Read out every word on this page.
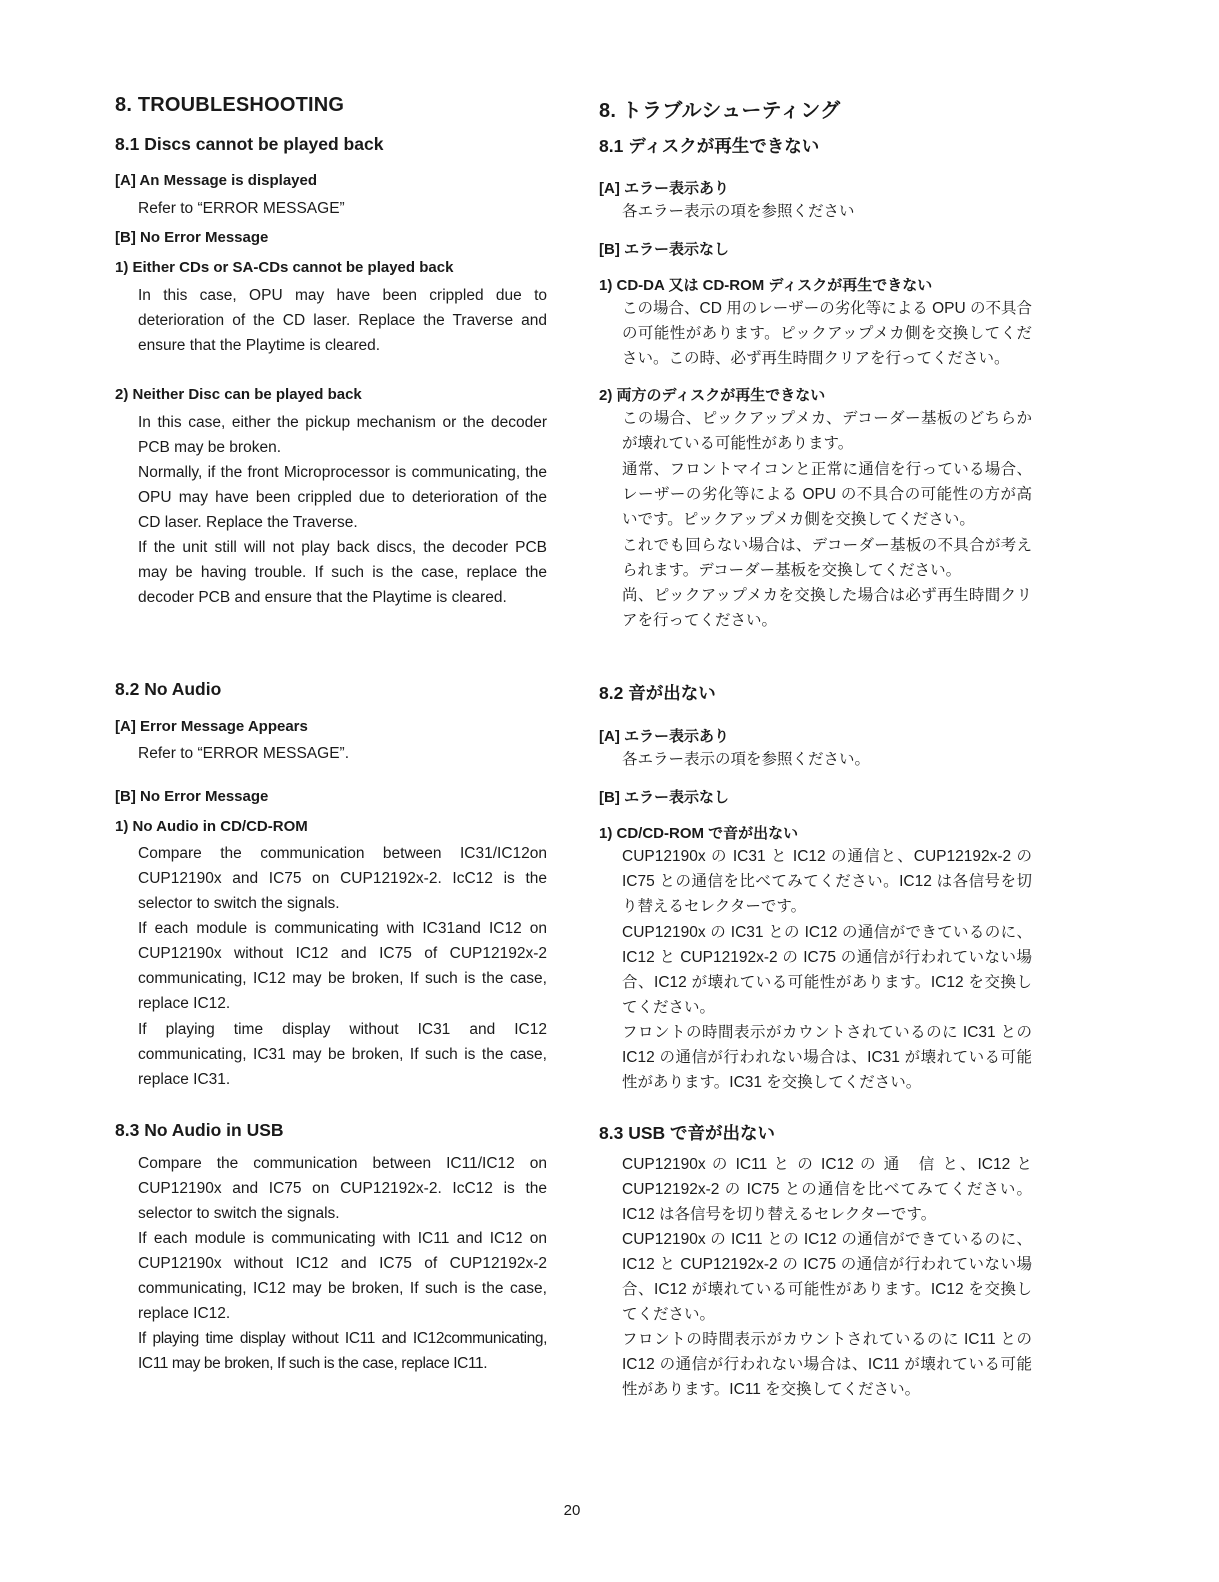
8. TROUBLESHOOTING
8.1 Discs cannot be played back
[A] An Message is displayed
Refer to “ERROR MESSAGE”
[B] No Error Message
1) Either CDs or SA-CDs cannot be played back
In this case, OPU may have been crippled due to deterioration of the CD laser. Replace the Traverse and ensure that the Playtime is cleared.
2) Neither Disc can be played back
In this case, either the pickup mechanism or the decoder PCB may be broken.
Normally, if the front Microprocessor is communicating, the OPU may have been crippled due to deterioration of the CD laser. Replace the Traverse.
If the unit still will not play back discs, the decoder PCB may be having trouble. If such is the case, replace the decoder PCB and ensure that the Playtime is cleared.
8.2 No Audio
[A] Error Message Appears
Refer to “ERROR MESSAGE”.
[B] No Error Message
1) No Audio in CD/CD-ROM
Compare the communication between IC31/IC12on CUP12190x and IC75 on CUP12192x-2. IcC12 is the selector to switch the signals.
If each module is communicating with IC31and IC12 on CUP12190x without IC12 and IC75 of CUP12192x-2 communicating, IC12 may be broken, If such is the case, replace IC12.
If playing time display without IC31 and IC12 communicating, IC31 may be broken, If such is the case, replace IC31.
8.3 No Audio in USB
Compare the communication between IC11/IC12 on CUP12190x and IC75 on CUP12192x-2. IcC12 is the selector to switch the signals.
If each module is communicating with IC11 and IC12 on CUP12190x without IC12 and IC75 of CUP12192x-2 communicating, IC12 may be broken, If such is the case, replace IC12.
If playing time display without IC11 and IC12communicating, IC11 may be broken, If such is the case, replace IC11.
8. トラブルシューティング
8.1 ディスクが再生できない
[A] エラー表示あり
各エラー表示の項を参照ください
[B] エラー表示なし
1) CD-DA 又は CD-ROM ディスクが再生できない
この場合、CD 用のレーザーの劣化等による OPU の不具合の可能性があります。ピックアップメカ側を交換してください。この時、必ず再生時間クリアを行ってください。
2) 両方のディスクが再生できない
この場合、ピックアップメカ、デコーダー基板のどちらかが壊れている可能性があります。
通常、フロントマイコンと正常に通信を行っている場合、レーザーの劣化等による OPU の不具合の可能性の方が高いです。ピックアップメカ側を交換してください。
これでも回らない場合は、デコーダー基板の不具合が考えられます。デコーダー基板を交換してください。
尚、ピックアップメカを交換した場合は必ず再生時間クリアを行ってください。
8.2 音が出ない
[A] エラー表示あり
各エラー表示の項を参照ください。
[B] エラー表示なし
1) CD/CD-ROM で音が出ない
CUP12190x の IC31 と IC12 の通信と、CUP12192x-2 の IC75 との通信を比べてみてください。IC12 は各信号を切り替えるセレクターです。
CUP12190x の IC31 との IC12 の通信ができているのに、IC12 と CUP12192x-2 の IC75 の通信が行われていない場合、IC12 が壊れている可能性があります。IC12 を交換してください。
フロントの時間表示がカウントされているのに IC31 との IC12 の通信が行われない場合は、IC31 が壊れている可能性があります。IC31 を交換してください。
8.3 USB で音が出ない
CUP12190x の IC11 と の IC12 の 通　信 と、IC12 と CUP12192x-2 の IC75 との通信を比べてみてください。IC12 は各信号を切り替えるセレクターです。
CUP12190x の IC11 との IC12 の通信ができているのに、IC12 と CUP12192x-2 の IC75 の通信が行われていない場合、IC12 が壊れている可能性があります。IC12 を交換してください。
フロントの時間表示がカウントされているのに IC11 との IC12 の通信が行われない場合は、IC11 が壊れている可能性があります。IC11 を交換してください。
20
